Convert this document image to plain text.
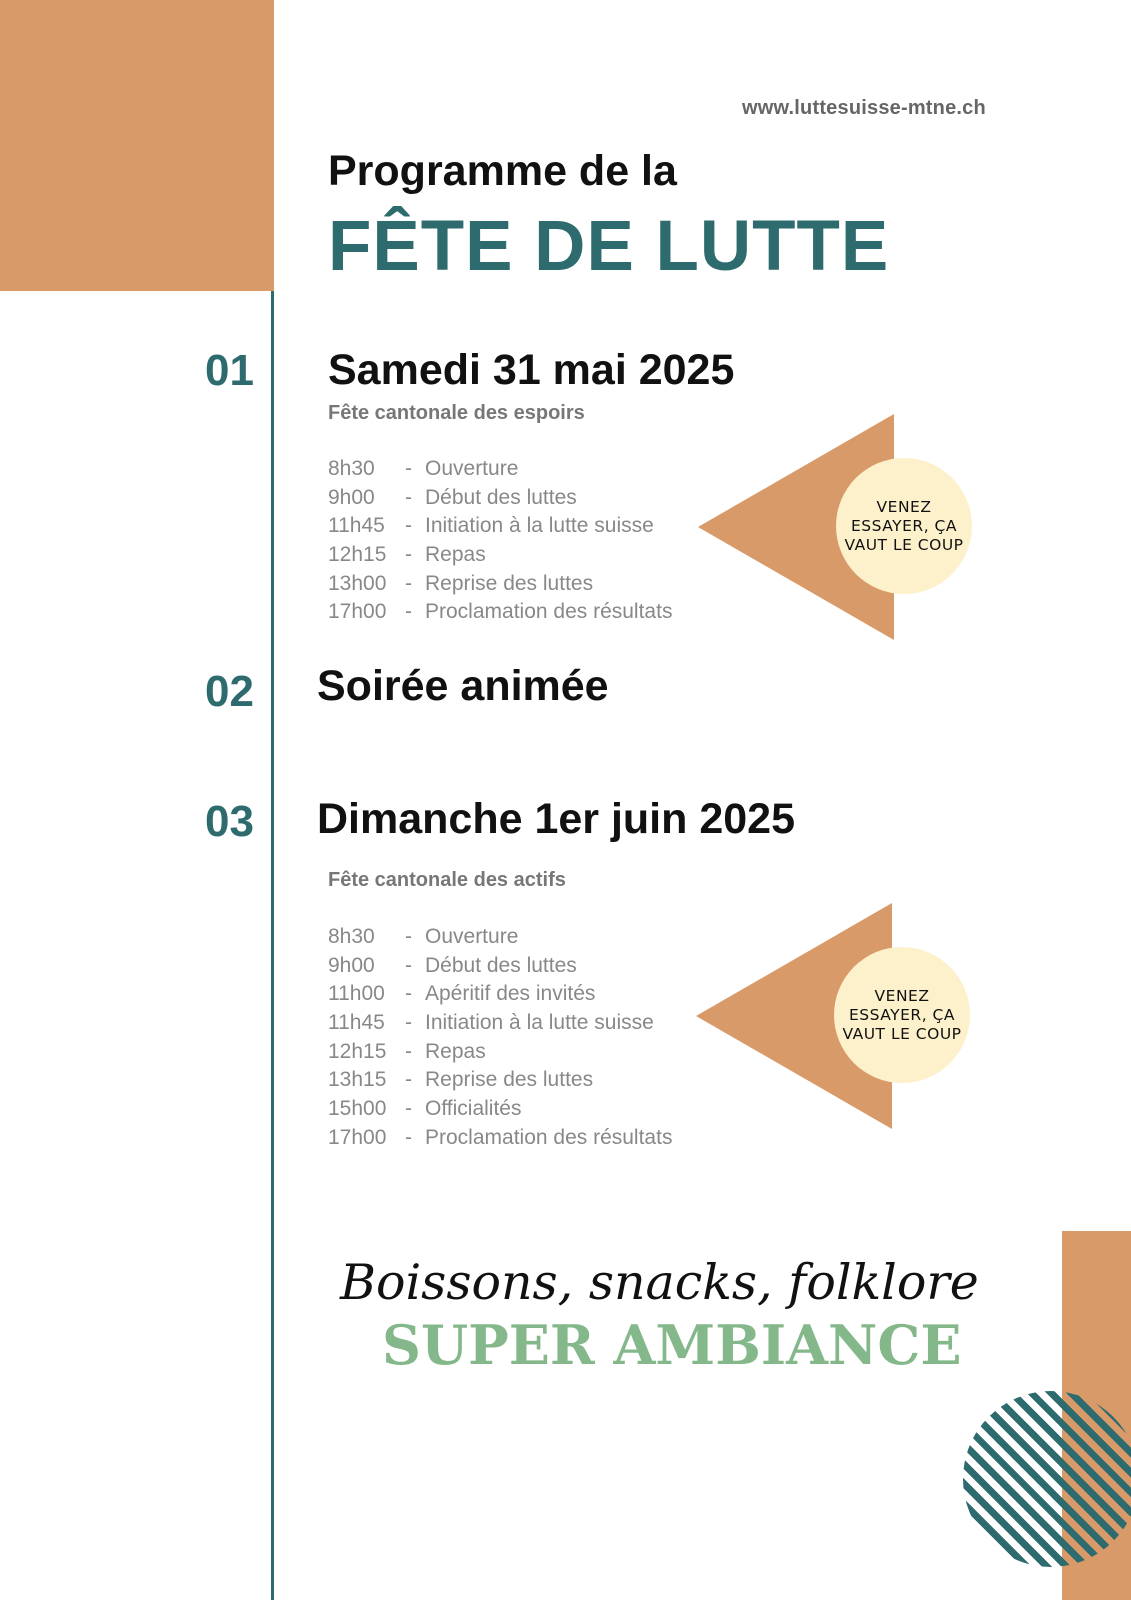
www.luttesuisse-mtne.ch
Programme de la
FÊTE DE LUTTE
01 Samedi 31 mai 2025
Fête cantonale des espoirs
8h30	- Ouverture
9h00	- Début des luttes
11h45 - Initiation à la lutte suisse
12h15 - Repas
13h00 - Reprise des luttes
17h00 - Proclamation des résultats
VENEZ ESSAYER, ÇA VAUT LE COUP
02 Soirée animée
03 Dimanche 1er juin 2025
Fête cantonale des actifs
8h30	- Ouverture
9h00	- Début des luttes
11h00 - Apéritif des invités
11h45 - Initiation à la lutte suisse
12h15 - Repas
13h15 - Reprise des luttes
15h00 - Officialités
17h00 - Proclamation des résultats
VENEZ ESSAYER, ÇA VAUT LE COUP
Boissons, snacks, folklore
SUPER AMBIANCE
